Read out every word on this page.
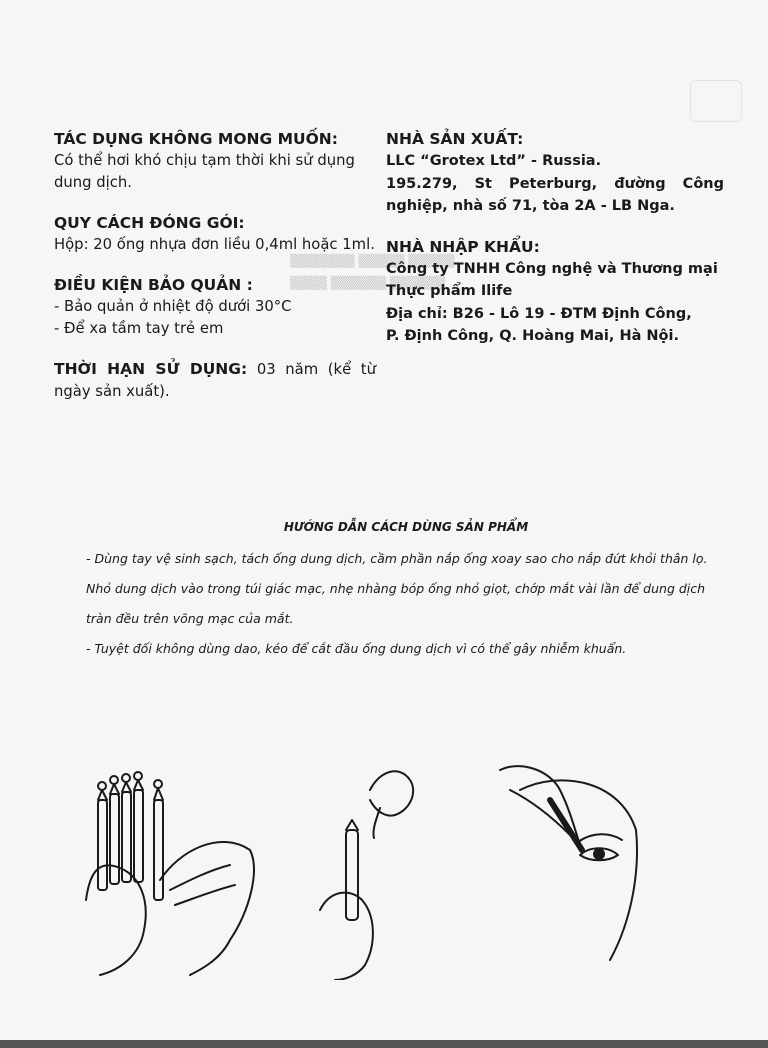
▒▒▒▒▒▒▒ ▒▒▒▒▒ ▒▒▒▒▒
▒▒▒▒ ▒▒▒▒▒▒ ▒▒▒▒▒▒

TÁC DỤNG KHÔNG MONG MUỐN:

Có thể hơi khó chịu tạm thời khi sử dụng dung dịch.

QUY CÁCH ĐÓNG GÓI:

Hộp: 20 ống nhựa đơn liều 0,4ml hoặc 1ml.

ĐIỀU KIỆN BẢO QUẢN :

- Bảo quản ở nhiệt độ dưới 30°C

- Để xa tầm tay trẻ em

THỜI HẠN SỬ DỤNG: 03 năm (kể từ ngày sản xuất).

NHÀ SẢN XUẤT:

LLC “Grotex Ltd” - Russia.

195.279, St Peterburg, đường Công nghiệp, nhà số 71, tòa 2A - LB Nga.

NHÀ NHẬP KHẨU:

Công ty TNHH Công nghệ và Thương mại Thực phẩm Ilife

Địa chỉ: B26 - Lô 19 - ĐTM Định Công,

P. Định Công, Q. Hoàng Mai, Hà Nội.

HƯỚNG DẪN CÁCH DÙNG SẢN PHẨM

- Dùng tay vệ sinh sạch, tách ống dung dịch, cầm phần nắp ống xoay sao cho nắp đứt khỏi thân lọ.

Nhỏ dung dịch vào trong túi giác mạc, nhẹ nhàng bóp ống nhỏ giọt, chớp mắt vài lần để dung dịch

tràn đều trên võng mạc của mắt.

- Tuyệt đối không dùng dao, kéo để cắt đầu ống dung dịch vì có thể gây nhiễm khuẩn.
